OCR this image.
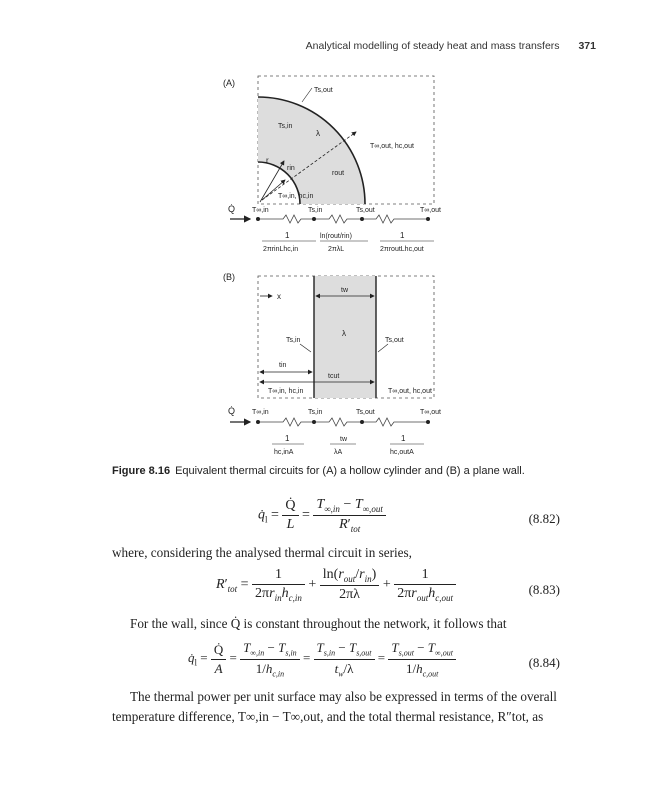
Analytical modelling of steady heat and mass transfers 371
(A)
Ts,out
Ts,in
λ
T∞,out, hc,out
r
rin
rout
T∞,in, hc,in
Q̇ T∞,in	Ts,in	Ts,out	T∞,out
1
2πrinLhc,in
ln(rout/rin)
2πλL
1
2πroutLhc,out
(B)
x
tw
λ
Ts,in	Ts,out
tin
tcut
T∞,in, hc,in	T∞,out, hc,out
Q̇ T∞,in	Ts,in	Ts,out	T∞,out
1
hc,inA
tw
λA
1
hc,outA
Figure 8.16 Equivalent thermal circuits for (A) a hollow cylinder and (B) a plane wall.
$q̇_l = \frac{Q̇}{L} = \frac{T_{\infty,in} - T_{\infty,out}}{R'_{tot}}$	(8.82)
where, considering the analysed thermal circuit in series,
$R'_{tot} = \frac{1}{2\pi r_{in}h_{c,in}} + \frac{\ln(r_{out}/r_{in})}{2\pi\lambda} + \frac{1}{2\pi r_{out}h_{c,out}}$	(8.83)
For the wall, since Q̇ is constant throughout the network, it follows that
$q̇_l = \frac{Q̇}{A} = \frac{T_{\infty,in} - T_{s,in}}{1/h_{c,in}} = \frac{T_{s,in} - T_{s,out}}{t_w/\lambda} = \frac{T_{s,out} - T_{\infty,out}}{1/h_{c,out}}$	(8.84)
The thermal power per unit surface may also be expressed in terms of the overall
temperature difference, T∞,in − T∞,out, and the total thermal resistance, R″tot, as
